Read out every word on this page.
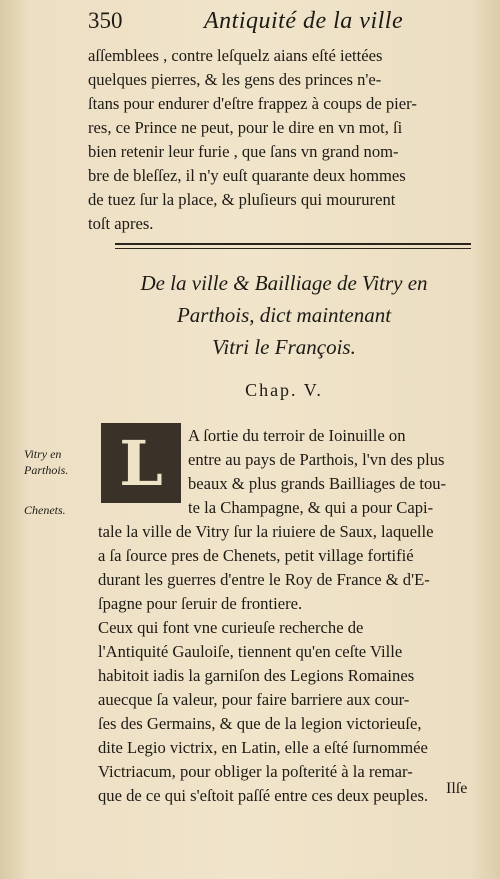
350	Antiquité de la ville
aſſemblees , contre leſquelz aians eſté iettées
quelques pierres, & les gens des princes n'e-
ſtans pour endurer d'eſtre frappez à coups de pier-
res, ce Prince ne peut, pour le dire en vn mot, ſi
bien retenir leur furie , que ſans vn grand nom-
bre de bleſſez, il n'y euſt quarante deux hommes
de tuez ſur la place, & pluſieurs qui moururent
toſt apres.
De la ville & Bailliage de Vitry en
Parthois, dict maintenant
Vitri le François.
Chap. V.
L	A ſortie du terroir de Ioinuille on
entre au pays de Parthois, l'vn des plus
beaux & plus grands Bailliages de tou-
te la Champagne, & qui a pour Capi-
tale la ville de Vitry ſur la riuiere de Saux, laquelle
a ſa ſource pres de Chenets, petit village fortifié
durant les guerres d'entre le Roy de France & d'E-
ſpagne pour ſeruir de frontiere.
Ceux qui font vne curieuſe recherche de
l'Antiquité Gauloiſe, tiennent qu'en ceſte Ville
habitoit iadis la garniſon des Legions Romaines
auecque ſa valeur, pour faire barriere aux cour-
ſes des Germains, & que de la legion victorieuſe,
dite Legio victrix, en Latin, elle a eſté ſurnommée
Victriacum, pour obliger la poſterité à la remar-
que de ce qui s'eſtoit paſſé entre ces deux peuples.
Vitry en Parthois.
Chenets.
Ilſe
